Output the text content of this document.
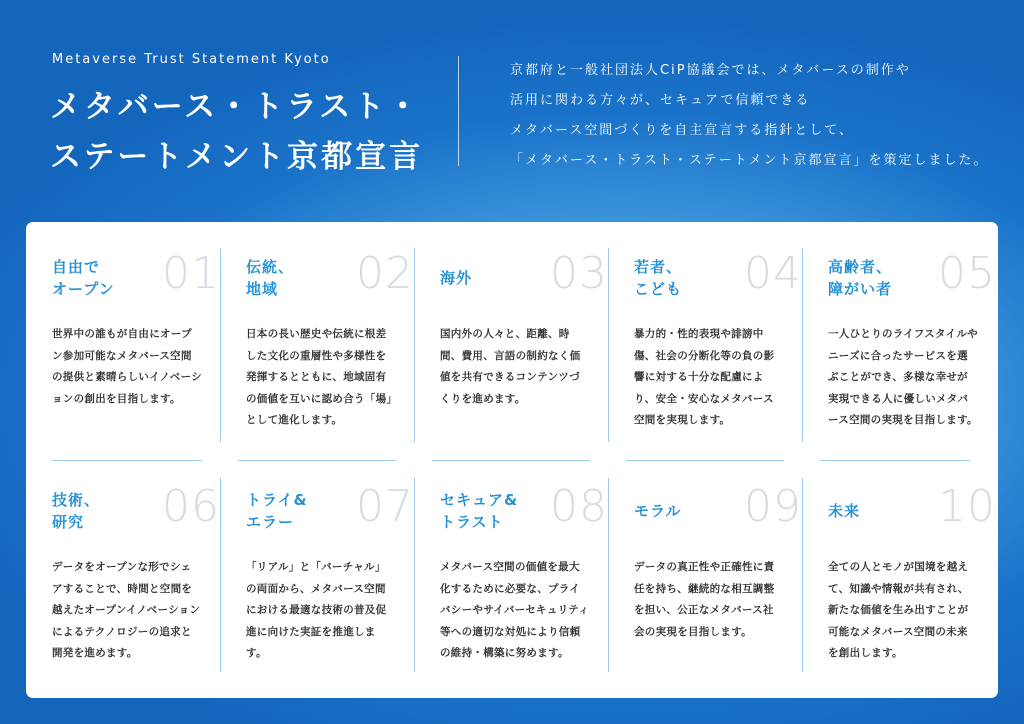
Metaverse Trust Statement Kyoto
メタバース・トラスト・
ステートメント京都宣言
京都府と一般社団法人CiP協議会では、メタバースの制作や
活用に関わる方々が、セキュアで信頼できる
メタバース空間づくりを自主宣言する指針として、
「メタバース・トラスト・ステートメント京都宣言」を策定しました。
自由で
オープン 01
世界中の誰もが自由にオープン参加可能なメタバース空間の提供と素晴らしいイノベーションの創出を目指します。
伝統、
地域	02
日本の長い歴史や伝統に根差した文化の重層性や多様性を発揮するとともに、地域固有の価値を互いに認め合う「場」として進化します。
海外 03
国内外の人々と、距離、時間、費用、言語の制約なく価値を共有できるコンテンツづくりを進めます。
若者、
こども 04
暴力的・性的表現や誹謗中傷、社会の分断化等の負の影響に対する十分な配慮により、安全・安心なメタバース空間を実現します。
高齢者、
障がい者 05
一人ひとりのライフスタイルやニーズに合ったサービスを選ぶことができ、多様な幸せが実現できる人に優しいメタバース空間の実現を目指します。
技術、
研究	06
データをオープンな形でシェアすることで、時間と空間を越えたオープンイノベーションによるテクノロジーの追求と開発を進めます。
トライ&
エラー	07
「リアル」と「バーチャル」の両面から、メタバース空間における最適な技術の普及促進に向けた実証を推進します。
セキュア&
トラスト	08
メタバース空間の価値を最大化するために必要な、プライバシーやサイバーセキュリティ等への適切な対処により信頼の維持・構築に努めます。
モラル 09
データの真正性や正確性に責任を持ち、継続的な相互調整を担い、公正なメタバース社会の実現を目指します。
未来 10
全ての人とモノが国境を越えて、知識や情報が共有され、新たな価値を生み出すことが可能なメタバース空間の未来を創出します。
